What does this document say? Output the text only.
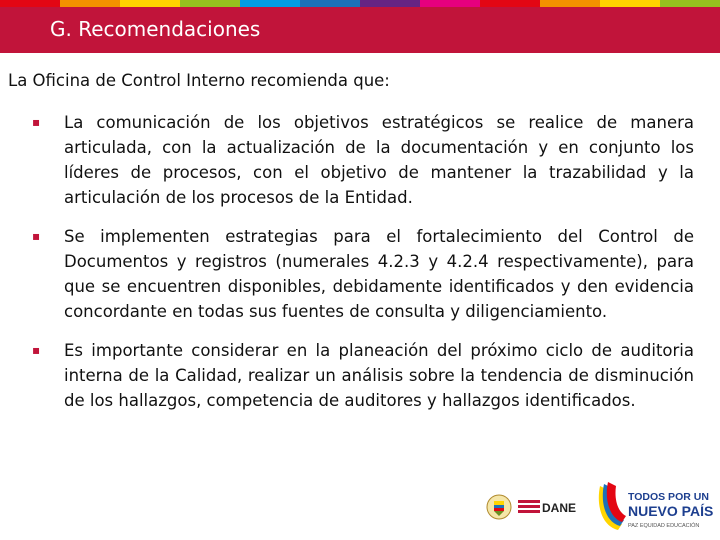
G. Recomendaciones
La Oficina de Control Interno recomienda que:
▪ La comunicación de los objetivos estratégicos se realice de manera articulada, con la actualización de la documentación y en conjunto los líderes de procesos, con el objetivo de mantener la trazabilidad y la articulación de los procesos de la Entidad.
▪ Se implementen estrategias para el fortalecimiento del Control de Documentos y registros (numerales 4.2.3 y 4.2.4 respectivamente), para que se encuentren disponibles, debidamente identificados y den evidencia concordante en todas sus fuentes de consulta y diligenciamiento.
▪ Es importante considerar en la planeación del próximo ciclo de auditoria interna de la Calidad, realizar un análisis sobre la tendencia de disminución de los hallazgos, competencia de auditores y hallazgos identificados.
DANE
TODOS POR UN
NUEVO PAÍS
PAZ EQUIDAD EDUCACIÓN
